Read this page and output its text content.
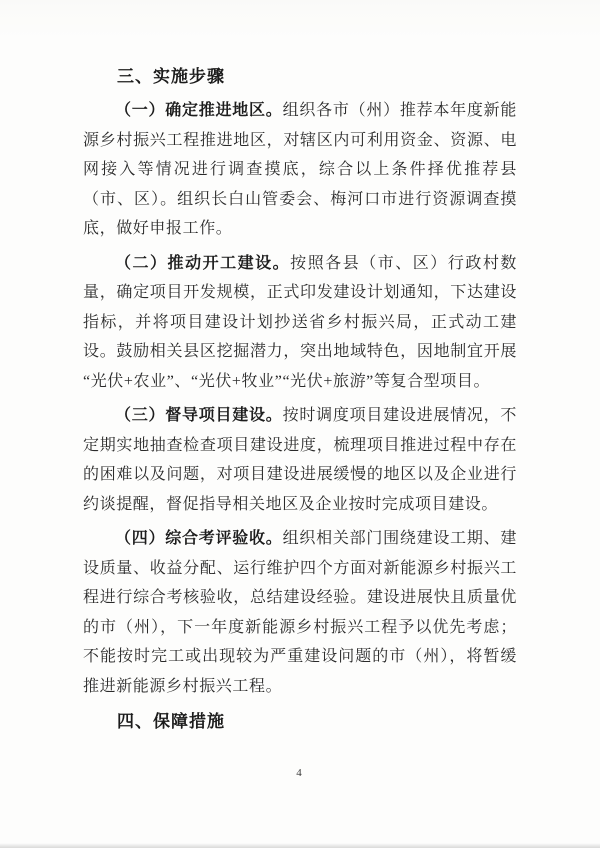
三、实施步骤

（一）确定推进地区。组织各市（州）推荐本年度新能源乡村振兴工程推进地区，对辖区内可利用资金、资源、电网接入等情况进行调查摸底，综合以上条件择优推荐县（市、区）。组织长白山管委会、梅河口市进行资源调查摸底，做好申报工作。

（二）推动开工建设。按照各县（市、区）行政村数量，确定项目开发规模，正式印发建设计划通知，下达建设指标，并将项目建设计划抄送省乡村振兴局，正式动工建设。鼓励相关县区挖掘潜力，突出地域特色，因地制宜开展“光伏+农业”、“光伏+牧业”“光伏+旅游”等复合型项目。

（三）督导项目建设。按时调度项目建设进展情况，不定期实地抽查检查项目建设进度，梳理项目推进过程中存在的困难以及问题，对项目建设进展缓慢的地区以及企业进行约谈提醒，督促指导相关地区及企业按时完成项目建设。

（四）综合考评验收。组织相关部门围绕建设工期、建设质量、收益分配、运行维护四个方面对新能源乡村振兴工程进行综合考核验收，总结建设经验。建设进展快且质量优的市（州），下一年度新能源乡村振兴工程予以优先考虑；不能按时完工或出现较为严重建设问题的市（州），将暂缓推进新能源乡村振兴工程。

四、保障措施
4
